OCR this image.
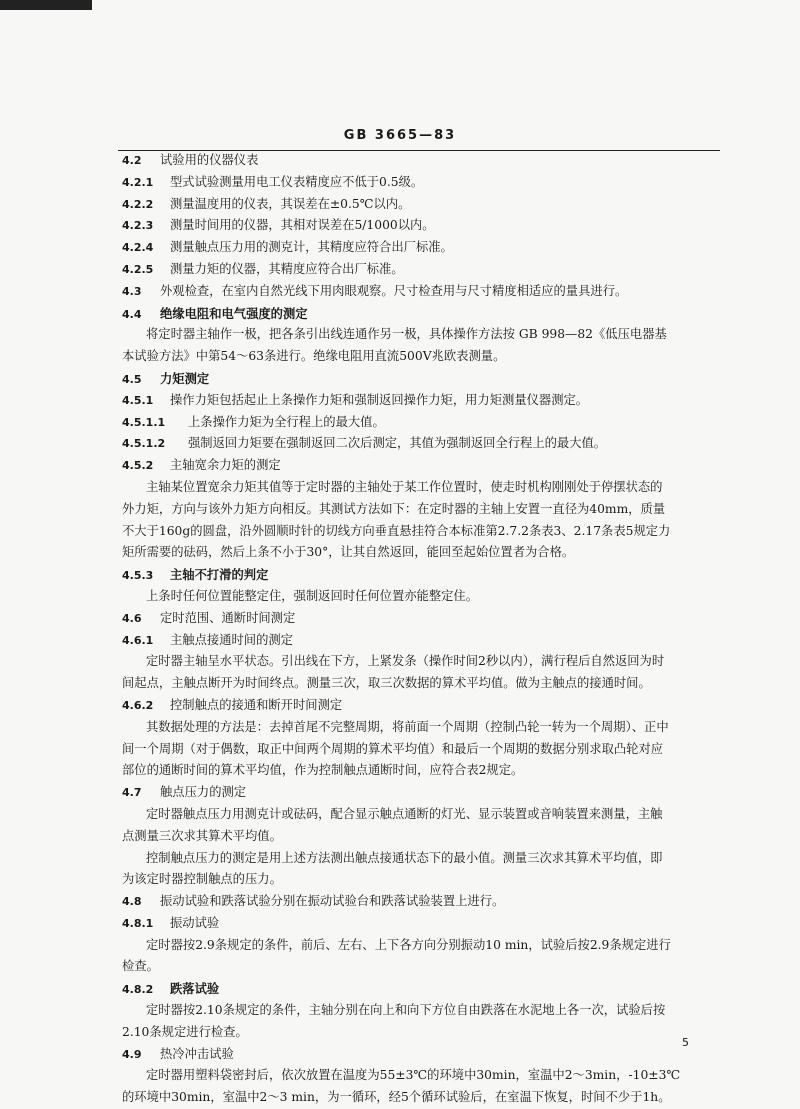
GB 3665—83
4.2 试验用的仪器仪表
4.2.1 型式试验测量用电工仪表精度应不低于0.5级。
4.2.2 测量温度用的仪表，其误差在±0.5℃以内。
4.2.3 测量时间用的仪器，其相对误差在5/1000以内。
4.2.4 测量触点压力用的测克计，其精度应符合出厂标准。
4.2.5 测量力矩的仪器，其精度应符合出厂标准。
4.3 外观检查，在室内自然光线下用肉眼观察。尺寸检查用与尺寸精度相适应的量具进行。
4.4 绝缘电阻和电气强度的测定
将定时器主轴作一极，把各条引出线连通作另一极，具体操作方法按 GB 998—82《低压电器基
本试验方法》中第54～63条进行。绝缘电阻用直流500V兆欧表测量。
4.5 力矩测定
4.5.1 操作力矩包括起止上条操作力矩和强制返回操作力矩，用力矩测量仪器测定。
4.5.1.1 上条操作力矩为全行程上的最大值。
4.5.1.2 强制返回力矩要在强制返回二次后测定，其值为强制返回全行程上的最大值。
4.5.2 主轴宽余力矩的测定
主轴某位置宽余力矩其值等于定时器的主轴处于某工作位置时，使走时机构刚刚处于停摆状态的
外力矩，方向与该外力矩方向相反。其测试方法如下：在定时器的主轴上安置一直径为40mm，质量
不大于160g的圆盘，沿外圆顺时针的切线方向垂直悬挂符合本标准第2.7.2条表3、2.17条表5规定力
矩所需要的砝码，然后上条不小于30°，让其自然返回，能回至起始位置者为合格。
4.5.3 主轴不打滑的判定
上条时任何位置能整定住，强制返回时任何位置亦能整定住。
4.6 定时范围、通断时间测定
4.6.1 主触点接通时间的测定
定时器主轴呈水平状态。引出线在下方，上紧发条（操作时间2秒以内），满行程后自然返回为时
间起点，主触点断开为时间终点。测量三次，取三次数据的算术平均值。做为主触点的接通时间。
4.6.2 控制触点的接通和断开时间测定
其数据处理的方法是：去掉首尾不完整周期，将前面一个周期（控制凸轮一转为一个周期）、正中
间一个周期（对于偶数，取正中间两个周期的算术平均值）和最后一个周期的数据分别求取凸轮对应
部位的通断时间的算术平均值，作为控制触点通断时间，应符合表2规定。
4.7 触点压力的测定
定时器触点压力用测克计或砝码，配合显示触点通断的灯光、显示装置或音响装置来测量，主触
点测量三次求其算术平均值。
控制触点压力的测定是用上述方法测出触点接通状态下的最小值。测量三次求其算术平均值，即
为该定时器控制触点的压力。
4.8 振动试验和跌落试验分别在振动试验台和跌落试验装置上进行。
4.8.1 振动试验
定时器按2.9条规定的条件，前后、左右、上下各方向分别振动10 min，试验后按2.9条规定进行
检查。
4.8.2 跌落试验
定时器按2.10条规定的条件，主轴分别在向上和向下方位自由跌落在水泥地上各一次，试验后按
2.10条规定进行检查。
4.9 热冷冲击试验
定时器用塑料袋密封后，依次放置在温度为55±3℃的环境中30min，室温中2～3min，-10±3℃
的环境中30min，室温中2～3 min，为一循环，经5个循环试验后，在室温下恢复，时间不少于1h。
5
